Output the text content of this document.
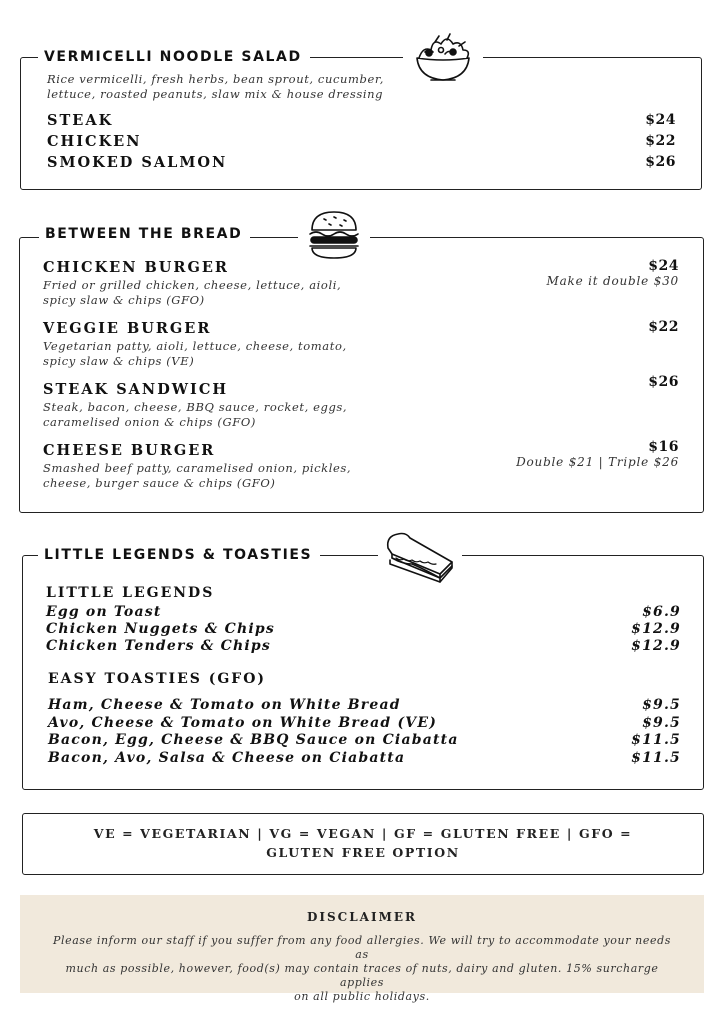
VERMICELLI NOODLE SALAD
Rice vermicelli, fresh herbs, bean sprout, cucumber,
lettuce, roasted peanuts, slaw mix & house dressing
STEAK	$24
CHICKEN	$22
SMOKED SALMON	$26
BETWEEN THE BREAD
CHICKEN BURGER
Fried or grilled chicken, cheese, lettuce, aioli,
spicy slaw & chips (GFO)
$24
Make it double $30
VEGGIE BURGER
Vegetarian patty, aioli, lettuce, cheese, tomato,
spicy slaw & chips (VE)
$22
STEAK SANDWICH
Steak, bacon, cheese, BBQ sauce, rocket, eggs,
caramelised onion & chips (GFO)
$26
CHEESE BURGER
Smashed beef patty, caramelised onion, pickles,
cheese, burger sauce & chips (GFO)
$16
Double $21 | Triple $26
LITTLE LEGENDS & TOASTIES
LITTLE LEGENDS
Egg on Toast	$6.9
Chicken Nuggets & Chips	$12.9
Chicken Tenders & Chips	$12.9
EASY TOASTIES (GFO)
Ham, Cheese & Tomato on White Bread	$9.5
Avo, Cheese & Tomato on White Bread (VE)	$9.5
Bacon, Egg, Cheese & BBQ Sauce on Ciabatta	$11.5
Bacon, Avo, Salsa & Cheese on Ciabatta	$11.5
VE = VEGETARIAN | VG = VEGAN | GF = GLUTEN FREE | GFO =
GLUTEN FREE OPTION
DISCLAIMER
Please inform our staff if you suffer from any food allergies. We will try to accommodate your needs as
much as possible, however, food(s) may contain traces of nuts, dairy and gluten. 15% surcharge applies
on all public holidays.
